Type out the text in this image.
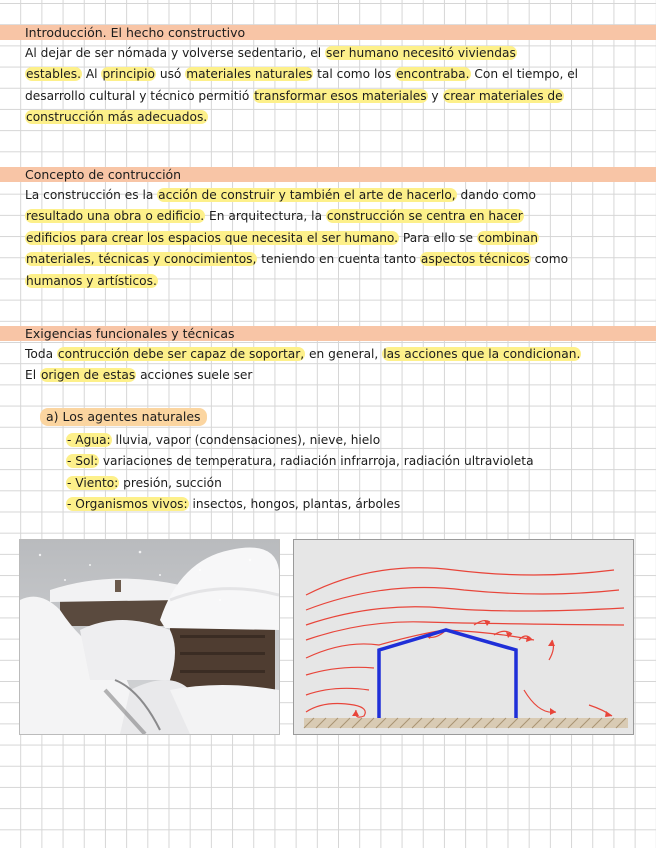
Introducción. El hecho constructivo
Al dejar de ser nómada y volverse sedentario, el ser humano necesitó viviendas
estables. Al principio usó materiales naturales tal como los encontraba. Con el tiempo, el
desarrollo cultural y técnico permitió transformar esos materiales y crear materiales de
construcción más adecuados.
Concepto de contrucción
La construcción es la acción de construir y también el arte de hacerlo, dando como
resultado una obra o edificio. En arquitectura, la construcción se centra en hacer
edificios para crear los espacios que necesita el ser humano. Para ello se combinan
materiales, técnicas y conocimientos, teniendo en cuenta tanto aspectos técnicos como
humanos y artísticos.
Exigencias funcionales y técnicas
Toda contrucción debe ser capaz de soportar, en general, las acciones que la condicionan.
El origen de estas acciones suele ser
a) Los agentes naturales
- Agua: lluvia, vapor (condensaciones), nieve, hielo
- Sol: variaciones de temperatura, radiación infrarroja, radiación ultravioleta
- Viento: presión, succión
- Organismos vivos: insectos, hongos, plantas, árboles
